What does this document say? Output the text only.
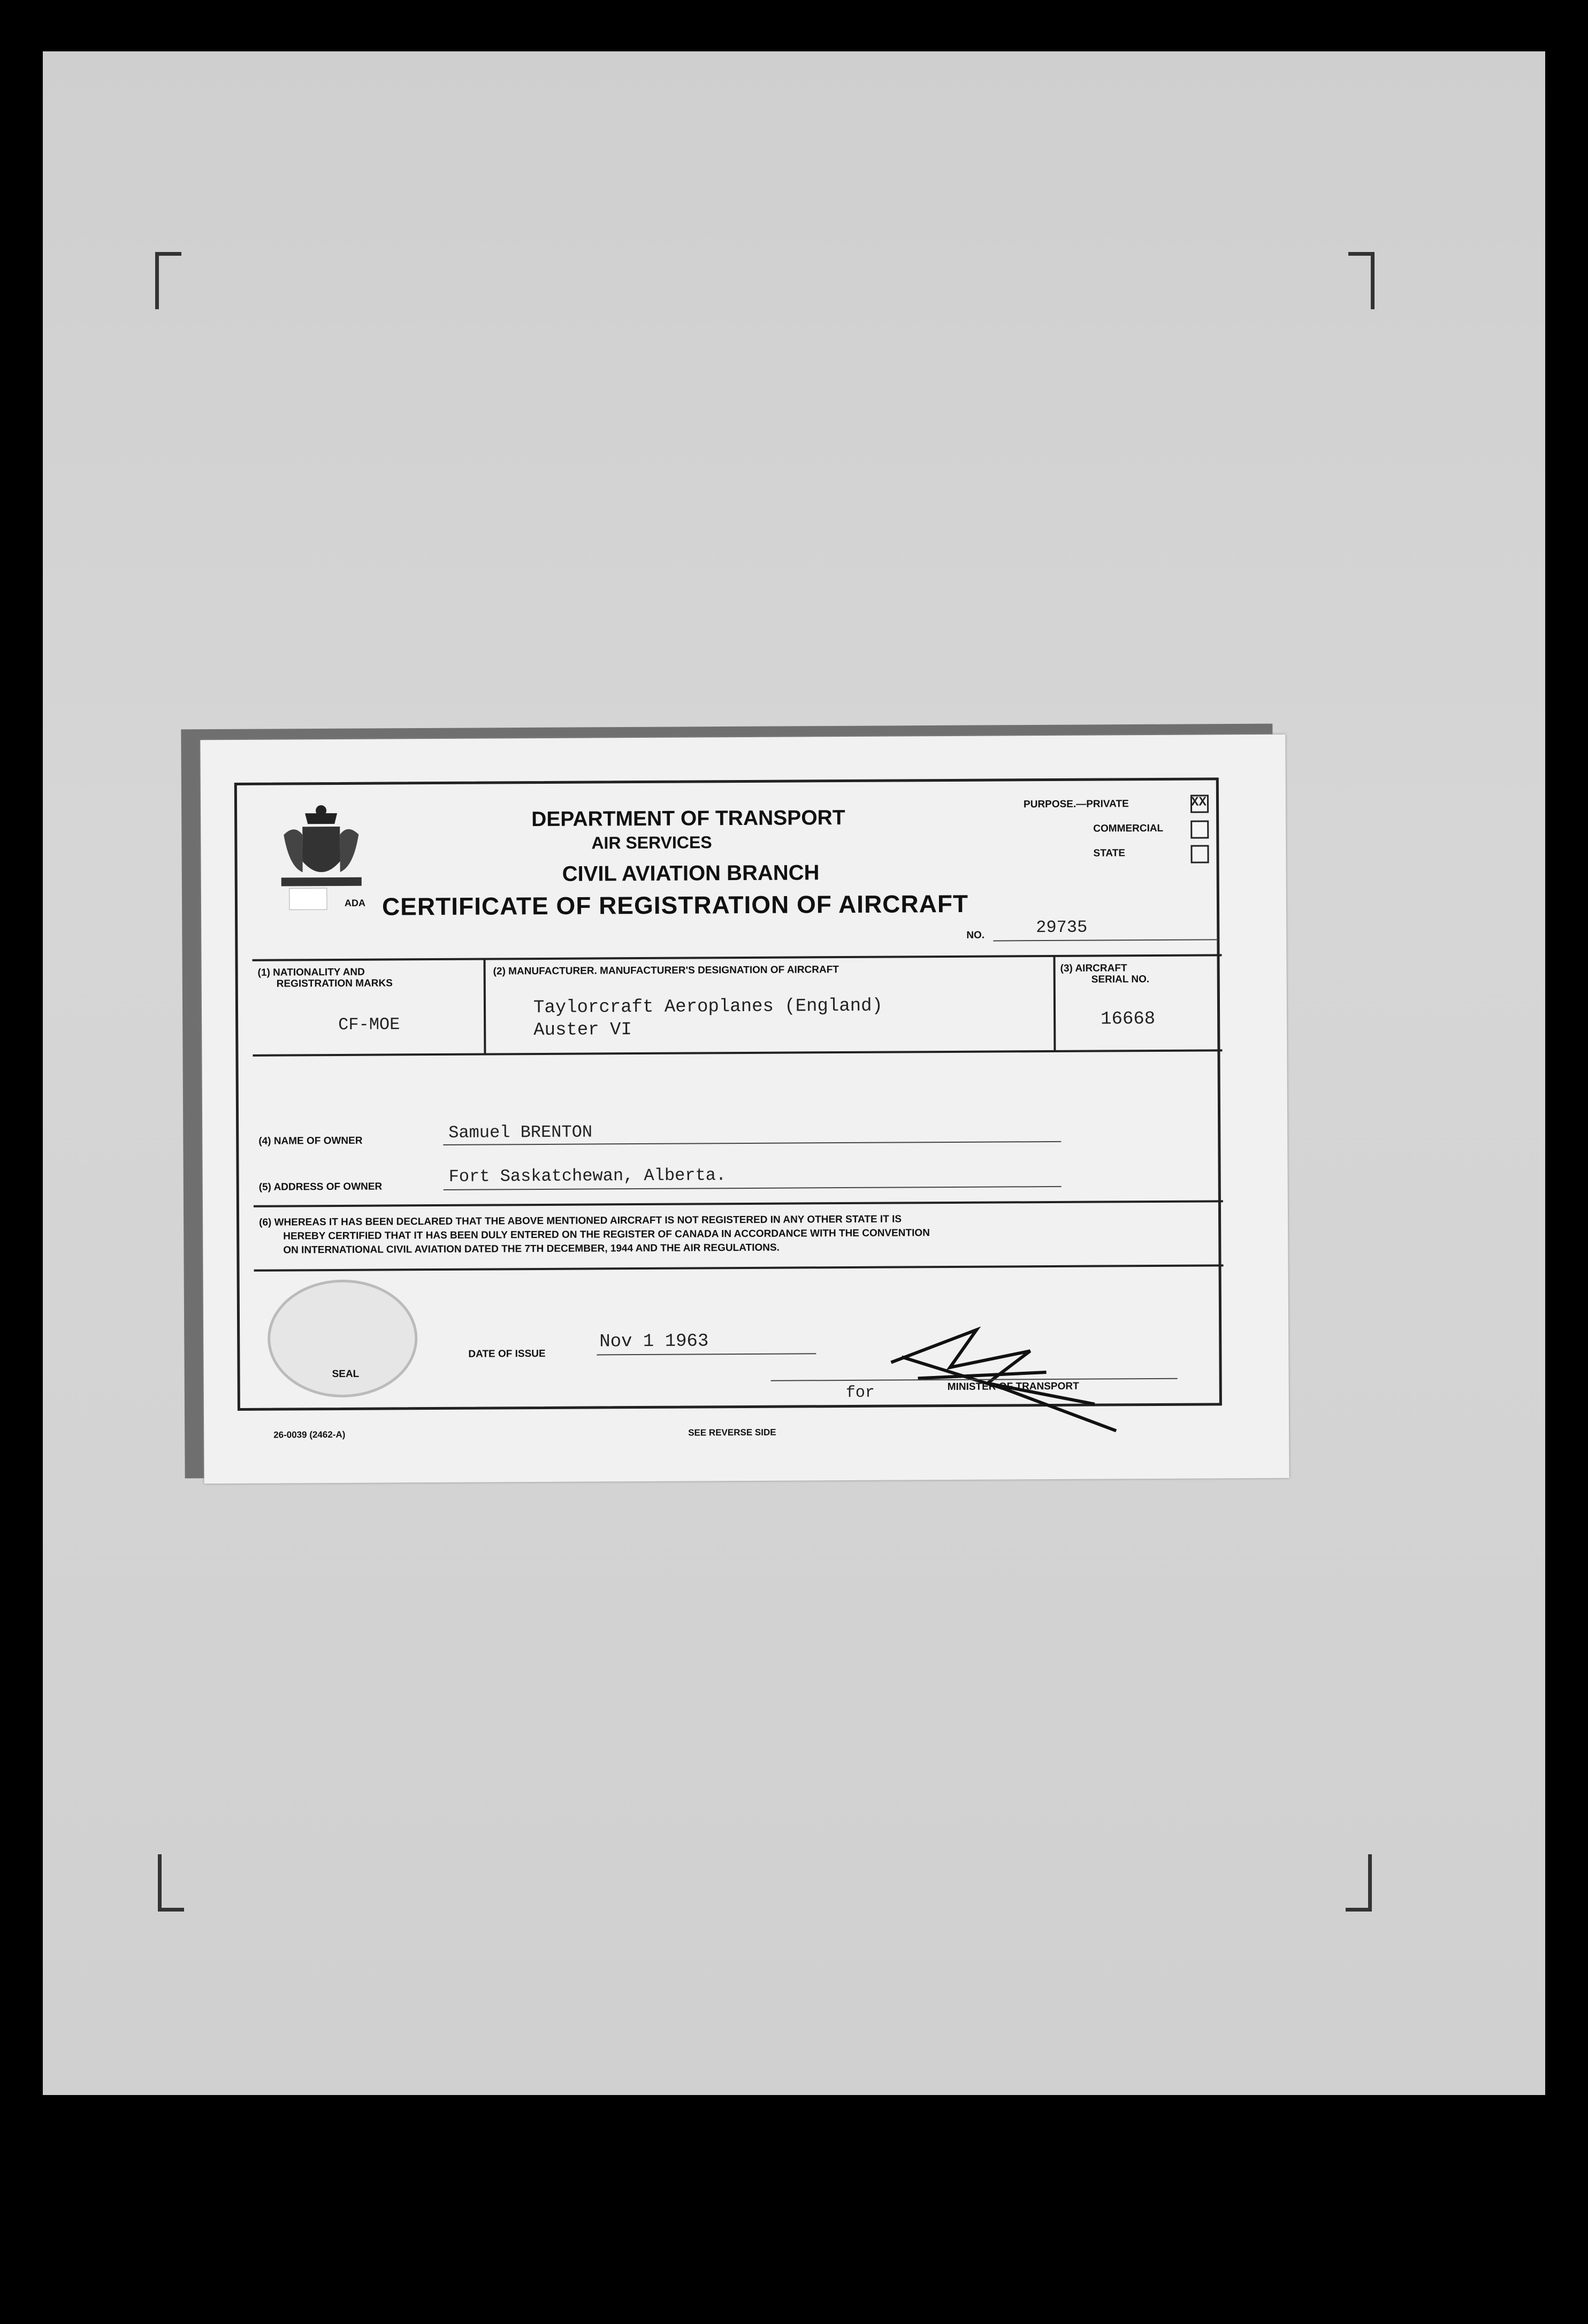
ADA
DEPARTMENT OF TRANSPORT
AIR SERVICES
CIVIL AVIATION BRANCH
CERTIFICATE OF REGISTRATION OF AIRCRAFT
PURPOSE.—PRIVATE	XX
COMMERCIAL
STATE
NO.	29735
(1) NATIONALITY AND
REGISTRATION MARKS
CF-MOE
(2) MANUFACTURER. MANUFACTURER'S DESIGNATION OF AIRCRAFT
Taylorcraft Aeroplanes (England)
Auster VI
(3) AIRCRAFT
SERIAL NO.
16668
(4) NAME OF OWNER	Samuel BRENTON
(5) ADDRESS OF OWNER
Fort Saskatchewan, Alberta.
(6) WHEREAS IT HAS BEEN DECLARED THAT THE ABOVE MENTIONED AIRCRAFT IS NOT REGISTERED IN ANY OTHER STATE IT IS
HEREBY CERTIFIED THAT IT HAS BEEN DULY ENTERED ON THE REGISTER OF CANADA IN ACCORDANCE WITH THE CONVENTION
ON INTERNATIONAL CIVIL AVIATION DATED THE 7TH DECEMBER, 1944 AND THE AIR REGULATIONS.
SEAL
DATE OF ISSUE
Nov 1 1963
for	MINISTER OF TRANSPORT
26-0039 (2462-A)	SEE REVERSE SIDE
